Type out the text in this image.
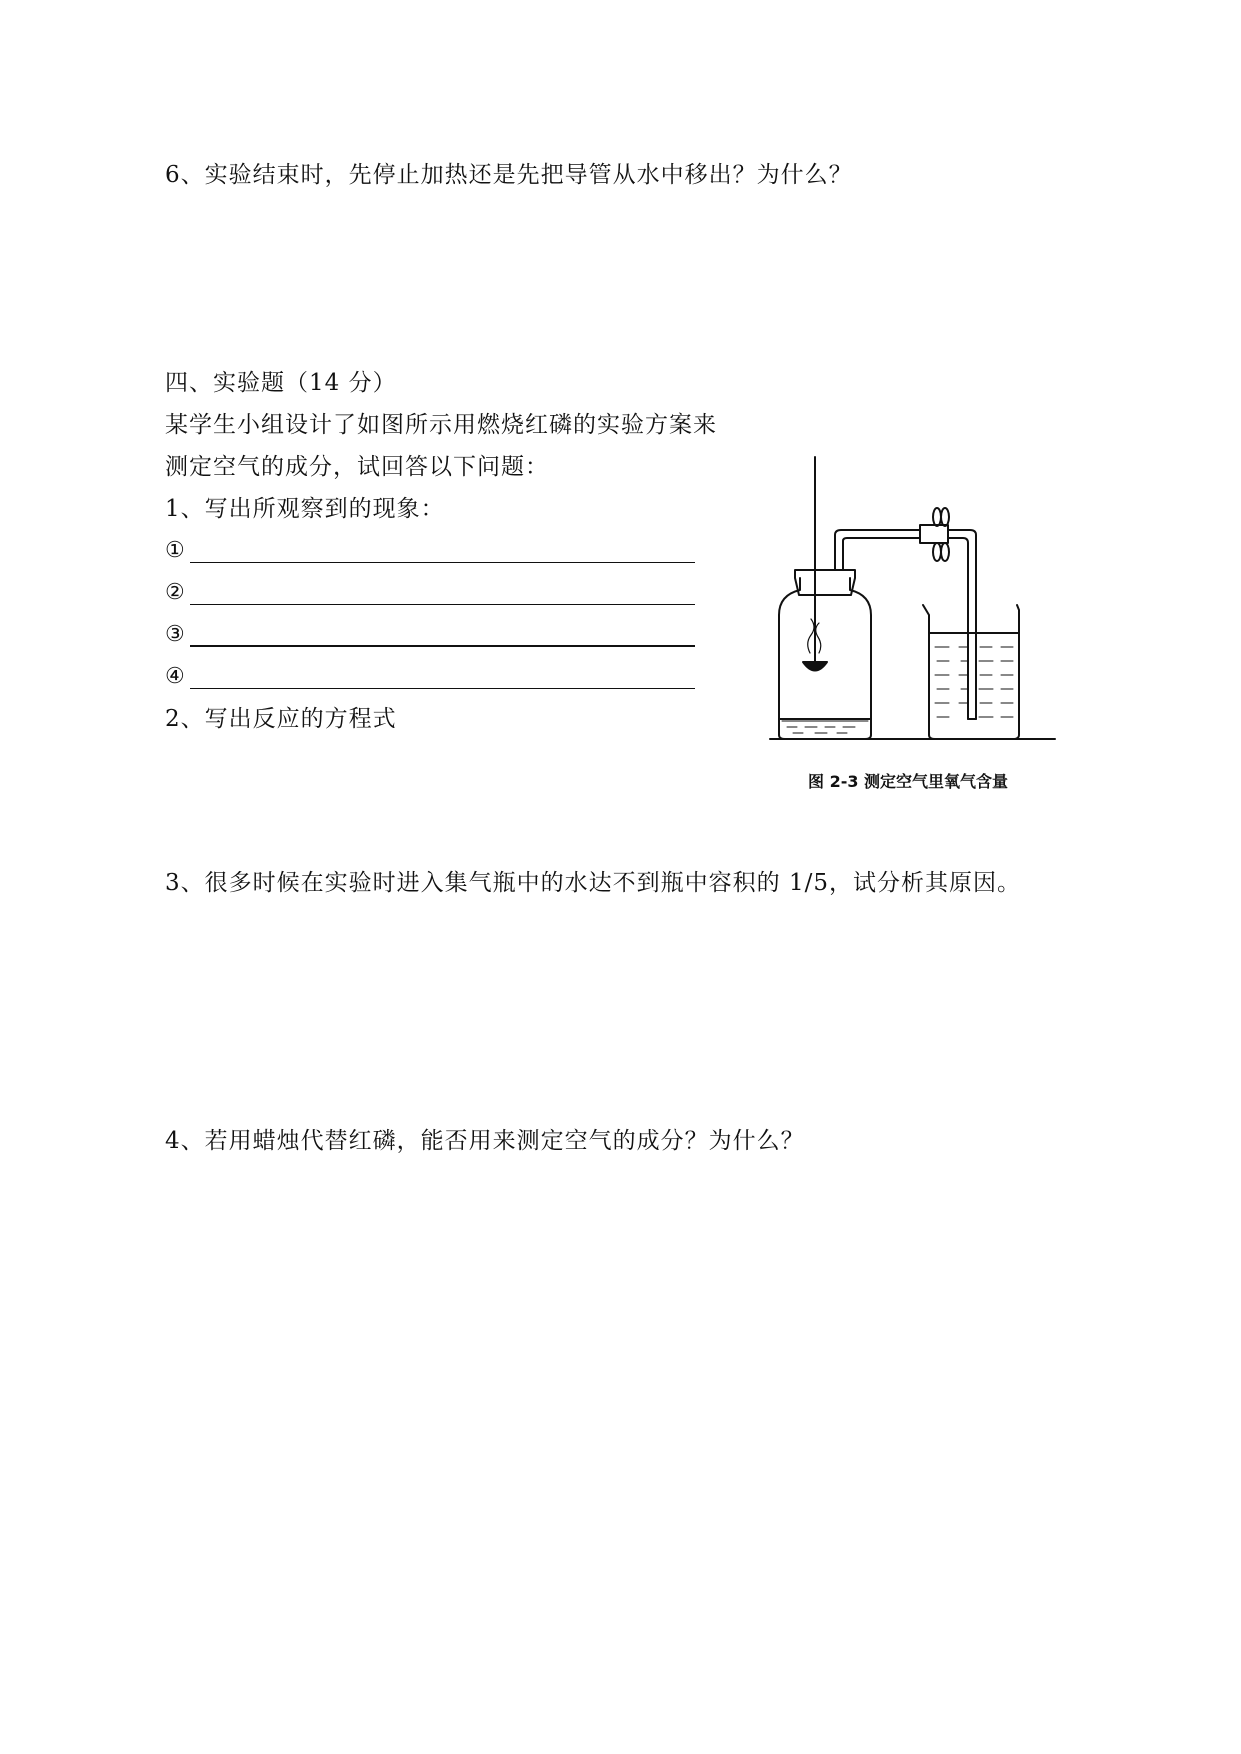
6、实验结束时，先停止加热还是先把导管从水中移出？为什么？
四、实验题（14 分）
某学生小组设计了如图所示用燃烧红磷的实验方案来
测定空气的成分，试回答以下问题：
1、写出所观察到的现象：
①
②
③
④
2、写出反应的方程式
图 2-3 测定空气里氧气含量
3、很多时候在实验时进入集气瓶中的水达不到瓶中容积的 1/5，试分析其原因。
4、若用蜡烛代替红磷，能否用来测定空气的成分？为什么？
